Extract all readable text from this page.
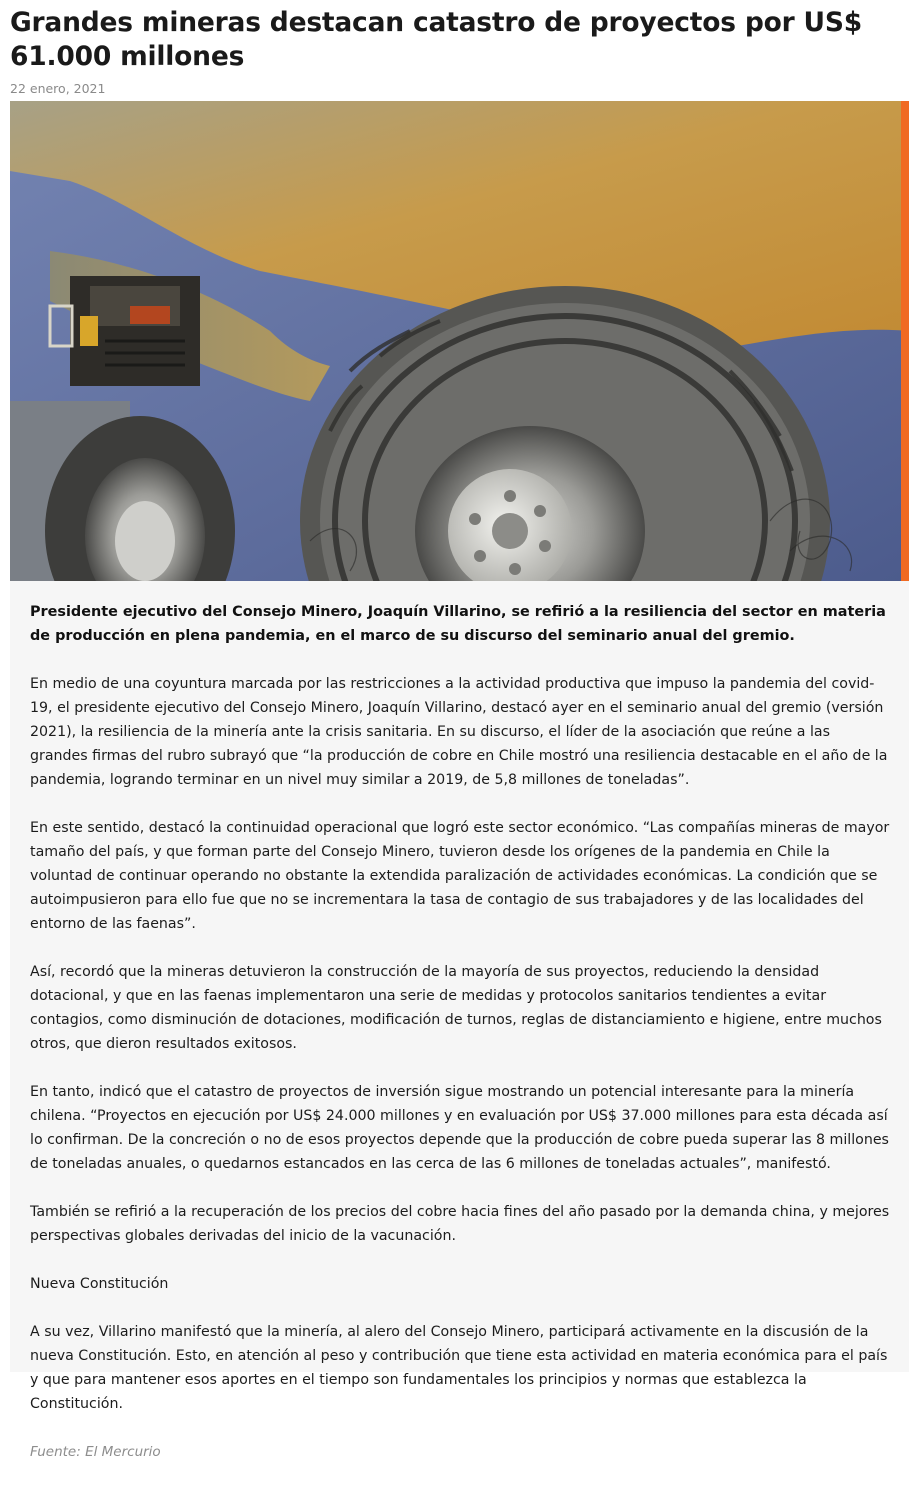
Grandes mineras destacan catastro de proyectos por US$ 61.000 millones
22 enero, 2021

Presidente ejecutivo del Consejo Minero, Joaquín Villarino, se refirió a la resiliencia del sector en materia de producción en plena pandemia, en el marco de su discurso del seminario anual del gremio.

En medio de una coyuntura marcada por las restricciones a la actividad productiva que impuso la pandemia del covid-19, el presidente ejecutivo del Consejo Minero, Joaquín Villarino, destacó ayer en el seminario anual del gremio (versión 2021), la resiliencia de la minería ante la crisis sanitaria. En su discurso, el líder de la asociación que reúne a las grandes firmas del rubro subrayó que “la producción de cobre en Chile mostró una resiliencia destacable en el año de la pandemia, logrando terminar en un nivel muy similar a 2019, de 5,8 millones de toneladas”.

En este sentido, destacó la continuidad operacional que logró este sector económico. “Las compañías mineras de mayor tamaño del país, y que forman parte del Consejo Minero, tuvieron desde los orígenes de la pandemia en Chile la voluntad de continuar operando no obstante la extendida paralización de actividades económicas. La condición que se autoimpusieron para ello fue que no se incrementara la tasa de contagio de sus trabajadores y de las localidades del entorno de las faenas”.

Así, recordó que la mineras detuvieron la construcción de la mayoría de sus proyectos, reduciendo la densidad dotacional, y que en las faenas implementaron una serie de medidas y protocolos sanitarios tendientes a evitar contagios, como disminución de dotaciones, modificación de turnos, reglas de distanciamiento e higiene, entre muchos otros, que dieron resultados exitosos.

En tanto, indicó que el catastro de proyectos de inversión sigue mostrando un potencial interesante para la minería chilena. “Proyectos en ejecución por US$ 24.000 millones y en evaluación por US$ 37.000 millones para esta década así lo confirman. De la concreción o no de esos proyectos depende que la producción de cobre pueda superar las 8 millones de toneladas anuales, o quedarnos estancados en las cerca de las 6 millones de toneladas actuales”, manifestó.

También se refirió a la recuperación de los precios del cobre hacia fines del año pasado por la demanda china, y mejores perspectivas globales derivadas del inicio de la vacunación.

Nueva Constitución

A su vez, Villarino manifestó que la minería, al alero del Consejo Minero, participará activamente en la discusión de la nueva Constitución. Esto, en atención al peso y contribución que tiene esta actividad en materia económica para el país y que para mantener esos aportes en el tiempo son fundamentales los principios y normas que establezca la Constitución.

Fuente: El Mercurio
